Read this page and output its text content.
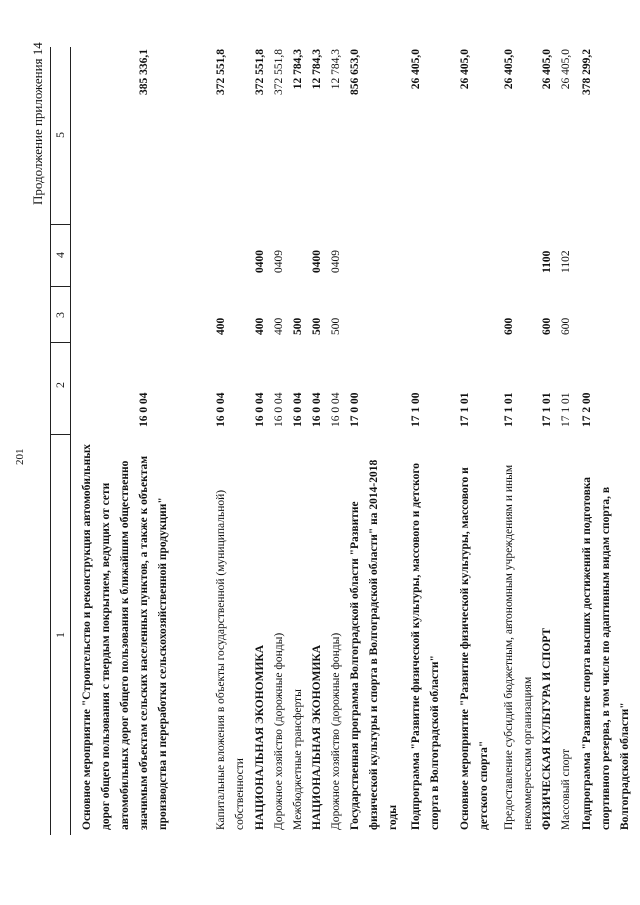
201
Продолжение приложения 14
1
2
3
4
5
Основное мероприятие "Строительство и реконструкция автомобильных дорог общего пользования с твердым покрытием, ведущих от сети автомобильных дорог общего пользования к ближайшим общественно значимым объектам сельских населенных пунктов, а также к объектам производства и переработки сельскохозяйственной продукции"
16 0 04
385 336,1
Капитальные вложения в объекты государственной (муниципальной) собственности
16 0 04
400
372 551,8
НАЦИОНАЛЬНАЯ ЭКОНОМИКА
16 0 04
400
0400
372 551,8
Дорожное хозяйство (дорожные фонды)
16 0 04
400
0409
372 551,8
Межбюджетные трансферты
16 0 04
500
12 784,3
НАЦИОНАЛЬНАЯ ЭКОНОМИКА
16 0 04
500
0400
12 784,3
Дорожное хозяйство (дорожные фонды)
16 0 04
500
0409
12 784,3
Государственная программа Волгоградской области "Развитие физической культуры и спорта в Волгоградской области" на 2014-2018 годы
17 0 00
856 653,0
Подпрограмма "Развитие физической культуры, массового и детского спорта в Волгоградской области"
17 1 00
26 405,0
Основное мероприятие "Развитие физической культуры, массового и детского спорта"
17 1 01
26 405,0
Предоставление субсидий бюджетным, автономным учреждениям и иным некоммерческим организациям
17 1 01
600
26 405,0
ФИЗИЧЕСКАЯ КУЛЬТУРА И СПОРТ
17 1 01
600
1100
26 405,0
Массовый спорт
17 1 01
600
1102
26 405,0
Подпрограмма "Развитие спорта высших достижений и подготовка спортивного резерва, в том числе по адаптивным видам спорта, в Волгоградской области"
17 2 00
378 299,2
